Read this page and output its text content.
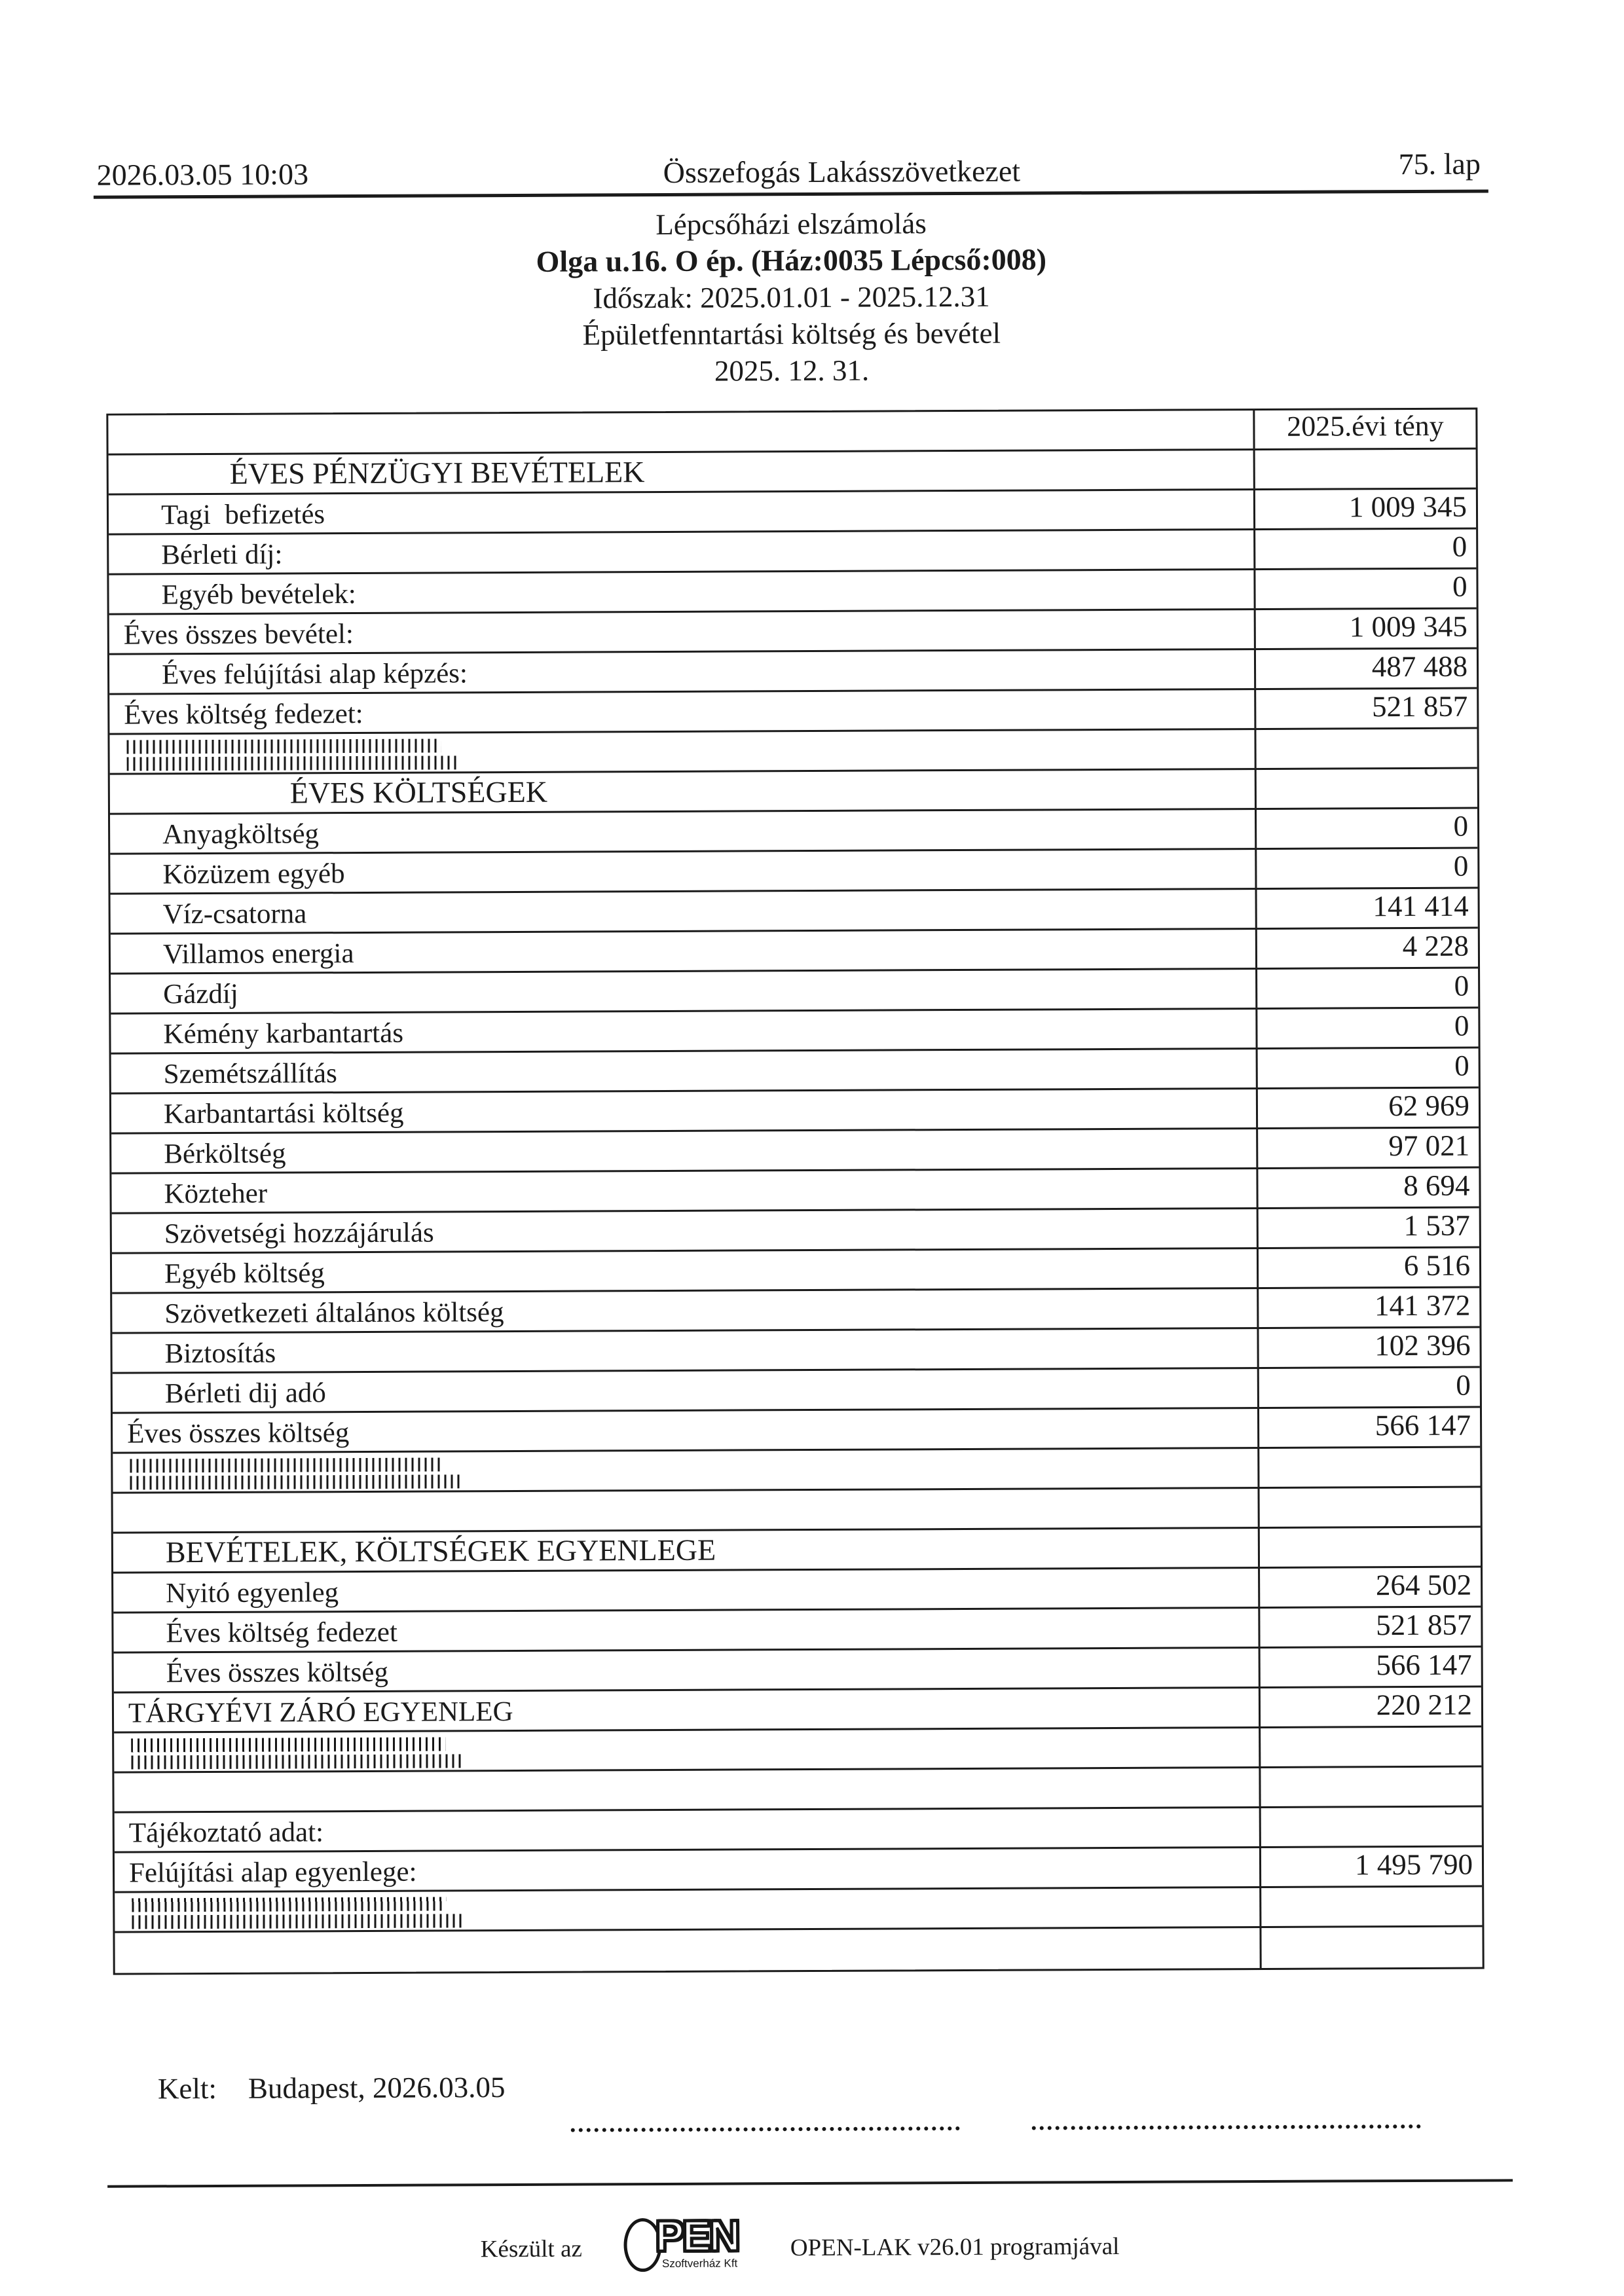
2026.03.05 10:03	Összefogás Lakásszövetkezet	75. lap
Lépcsőházi elszámolás
Olga u.16. O ép. (Ház:0035 Lépcső:008)
Időszak: 2025.01.01 - 2025.12.31
Épületfenntartási költség és bevétel
2025. 12. 31.
2025.évi tény
ÉVES PÉNZÜGYI BEVÉTELEK
Tagi  befizetés	1 009 345
Bérleti díj:	0
Egyéb bevételek:	0
Éves összes bevétel:	1 009 345
Éves felújítási alap képzés:	487 488
Éves költség fedezet:	521 857
ÉVES KÖLTSÉGEK
Anyagköltség	0
Közüzem egyéb	0
Víz-csatorna	141 414
Villamos energia	4 228
Gázdíj	0
Kémény karbantartás	0
Szemétszállítás	0
Karbantartási költség	62 969
Bérköltség	97 021
Közteher	8 694
Szövetségi hozzájárulás	1 537
Egyéb költség	6 516
Szövetkezeti általános költség	141 372
Biztosítás	102 396
Bérleti dij adó	0
Éves összes költség	566 147
BEVÉTELEK, KÖLTSÉGEK EGYENLEGE
Nyitó egyenleg	264 502
Éves költség fedezet	521 857
Éves összes költség	566 147
TÁRGYÉVI ZÁRÓ EGYENLEG	220 212
Tájékoztató adat:
Felújítási alap egyenlege:	1 495 790

Kelt: Budapest, 2026.03.05

Készült az PEN
Szoftverház Kft
OPEN-LAK v26.01 programjával
